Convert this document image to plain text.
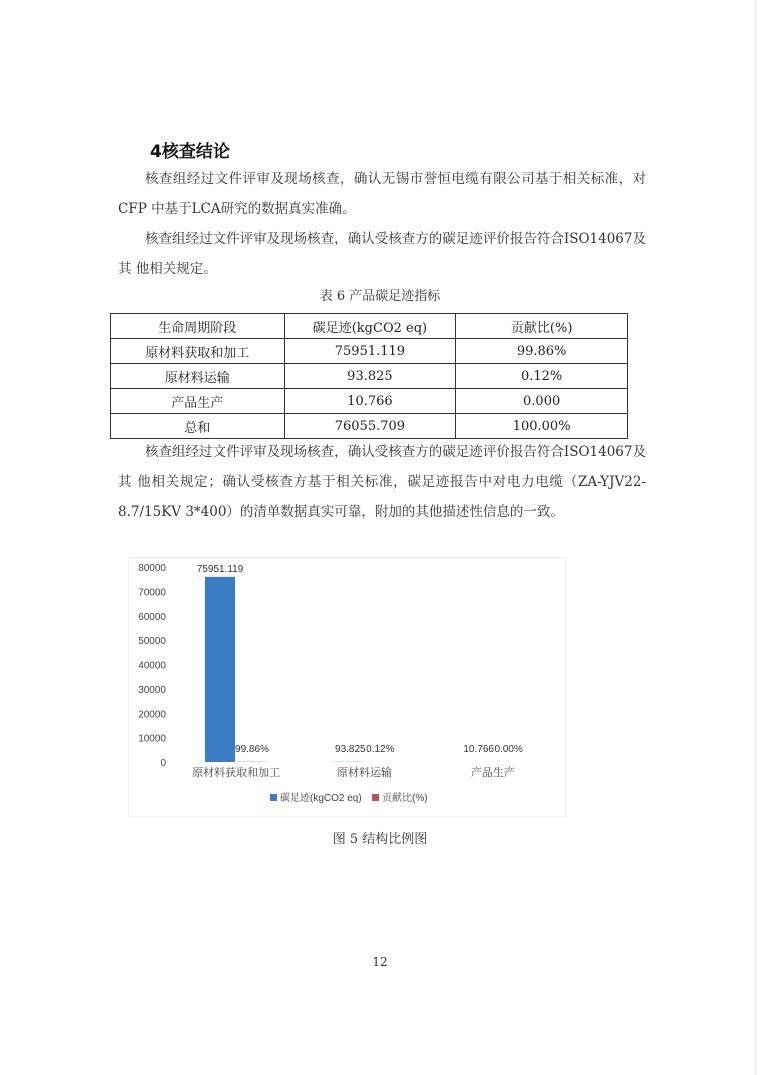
4核查结论

核查组经过文件评审及现场核查，确认无锡市誉恒电缆有限公司基于相关标准，对CFP 中基于LCA研究的数据真实准确。

核查组经过文件评审及现场核查，确认受核查方的碳足迹评价报告符合ISO14067及其 他相关规定。

表 6 产品碳足迹指标
生命周期阶段	碳足迹(kgCO2 eq)	贡献比(%)
原材料获取和加工	75951.119	99.86%
原材料运输	93.825	0.12%
产品生产	10.766	0.000
总和	76055.709	100.00%

核查组经过文件评审及现场核查，确认受核查方的碳足迹评价报告符合ISO14067及其 他相关规定；确认受核查方基于相关标准，碳足迹报告中对电力电缆（ZA-YJV22-8.7/15KV 3*400）的清单数据真实可靠，附加的其他描述性信息的一致。

0
10000
20000
30000
40000
50000
60000
70000
80000	75951.119
99.86%
原材料获取和加工
93.825 0.12%
原材料运输
10.766 0.00%
产品生产
碳足迹(kgCO2 eq) 贡献比(%)
图 5 结构比例图
12
